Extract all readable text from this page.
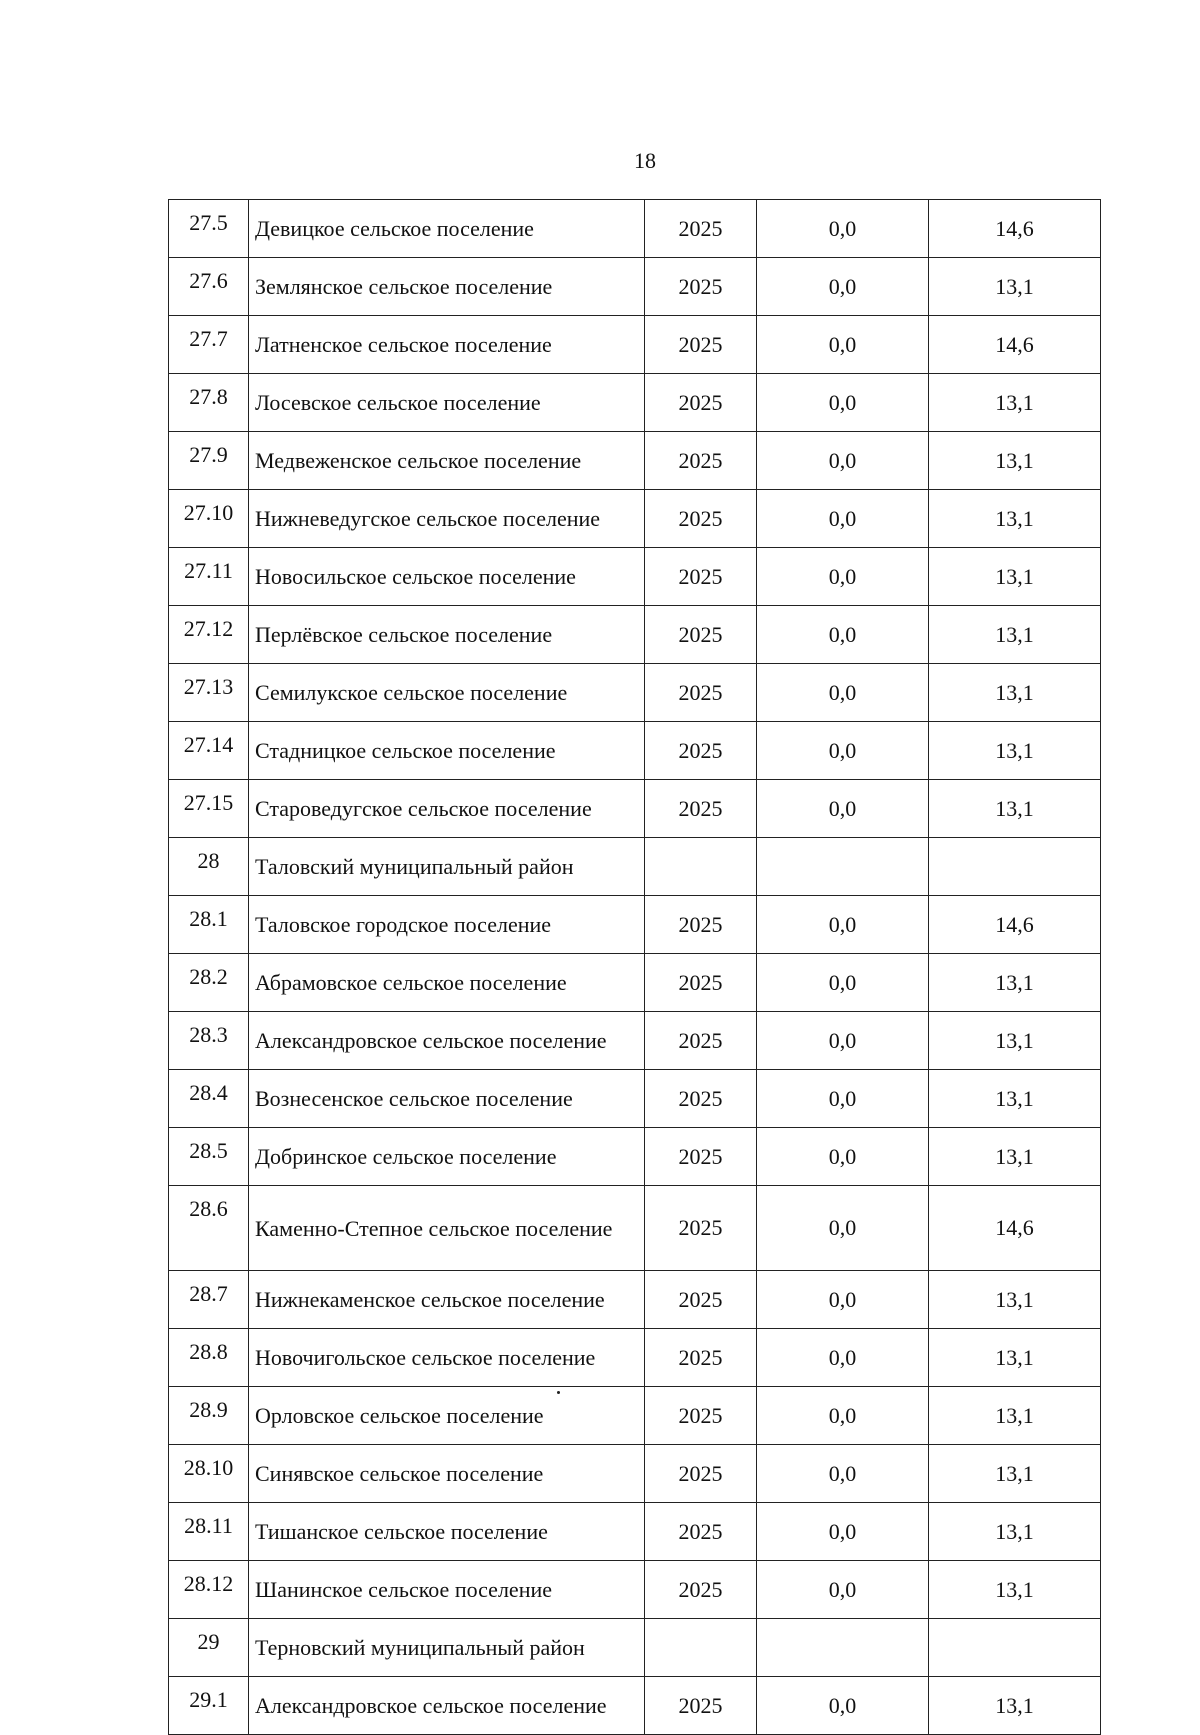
18
27.5	Девицкое сельское поселение	2025	0,0	14,6
27.6	Землянское сельское поселение	2025	0,0	13,1
27.7	Латненское сельское поселение	2025	0,0	14,6
27.8	Лосевское сельское поселение	2025	0,0	13,1
27.9	Медвеженское сельское поселение	2025	0,0	13,1
27.10	Нижневедугское сельское поселение	2025	0,0	13,1
27.11	Новосильское сельское поселение	2025	0,0	13,1
27.12	Перлёвское сельское поселение	2025	0,0	13,1
27.13	Семилукское сельское поселение	2025	0,0	13,1
27.14	Стадницкое сельское поселение	2025	0,0	13,1
27.15	Староведугское сельское поселение	2025	0,0	13,1
28	Таловский муниципальный район			
28.1	Таловское городское поселение	2025	0,0	14,6
28.2	Абрамовское сельское поселение	2025	0,0	13,1
28.3	Александровское сельское поселение	2025	0,0	13,1
28.4	Вознесенское сельское поселение	2025	0,0	13,1
28.5	Добринское сельское поселение	2025	0,0	13,1
28.6	Каменно-Степное сельское поселение	2025	0,0	14,6
28.7	Нижнекаменское сельское поселение	2025	0,0	13,1
28.8	Новочигольское сельское поселение	2025	0,0	13,1
28.9	Орловское сельское поселение	2025	0,0	13,1
28.10	Синявское сельское поселение	2025	0,0	13,1
28.11	Тишанское сельское поселение	2025	0,0	13,1
28.12	Шанинское сельское поселение	2025	0,0	13,1
29	Терновский муниципальный район			
29.1	Александровское сельское поселение	2025	0,0	13,1
